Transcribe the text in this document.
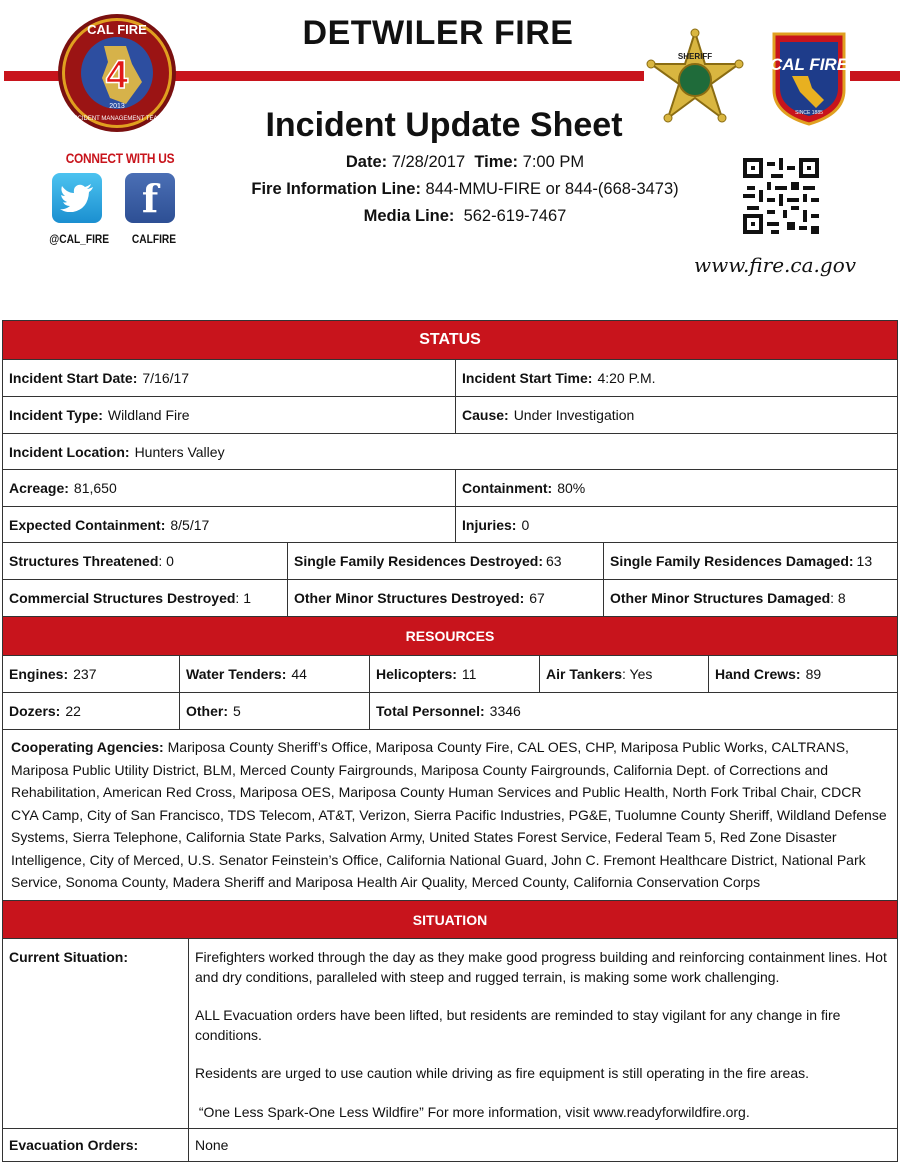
DETWILER FIRE
4
CAL FIRE
INCIDENT MANAGEMENT TEAM
2013
SHERIFF	CAL FIRE
SINCE 1885
Incident Update Sheet
Date: 7/28/2017 Time: 7:00 PM
Fire Information Line: 844-MMU-FIRE or 844-(668-3473)
Media Line: 562-619-7467
www.fire.ca.gov
CONNECT WITH US
f
@CAL_FIRE CALFIRE
STATUS
Incident Start Date: 7/16/17	Incident Start Time: 4:20 P.M.
Incident Type: Wildland Fire	Cause: Under Investigation
Incident Location: Hunters Valley
Acreage: 81,650	Containment: 80%
Expected Containment: 8/5/17	Injuries: 0
Structures Threatened : 0	Single Family Residences Destroyed: 63	Single Family Residences Damaged: 13
Commercial Structures Destroyed : 1	Other Minor Structures Destroyed: 67	Other Minor Structures Damaged : 8
RESOURCES
Engines: 237	Water Tenders: 44	Helicopters: 11	Air Tankers : Yes	Hand Crews: 89
Dozers: 22	Other: 5	Total Personnel: 3346
Cooperating Agencies: Mariposa County Sheriff’s Office, Mariposa County Fire, CAL OES, CHP, Mariposa Public Works, CALTRANS, Mariposa Public Utility District, BLM, Merced County Fairgrounds, Mariposa County Fairgrounds, California Dept. of Corrections and Rehabilitation, American Red Cross, Mariposa OES, Mariposa County Human Services and Public Health, North Fork Tribal Chair, CDCR CYA Camp, City of San Francisco, TDS Telecom, AT&T, Verizon, Sierra Pacific Industries, PG&E, Tuolumne County Sheriff, Wildland Defense Systems, Sierra Telephone, California State Parks, Salvation Army, United States Forest Service, Federal Team 5, Red Zone Disaster Intelligence, City of Merced, U.S. Senator Feinstein’s Office, California National Guard, John C. Fremont Healthcare District, National Park Service, Sonoma County, Madera Sheriff and Mariposa Health Air Quality, Merced County, California Conservation Corps
SITUATION
Current Situation:	Firefighters worked through the day as they make good progress building and reinforcing containment lines. Hot and dry conditions, paralleled with steep and rugged terrain, is making some work challenging.

ALL Evacuation orders have been lifted, but residents are reminded to stay vigilant for any change in fire conditions.

Residents are urged to use caution while driving as fire equipment is still operating in the fire areas.

“One Less Spark-One Less Wildfire” For more information, visit www.readyforwildfire.org.

Evacuation Orders:	None
